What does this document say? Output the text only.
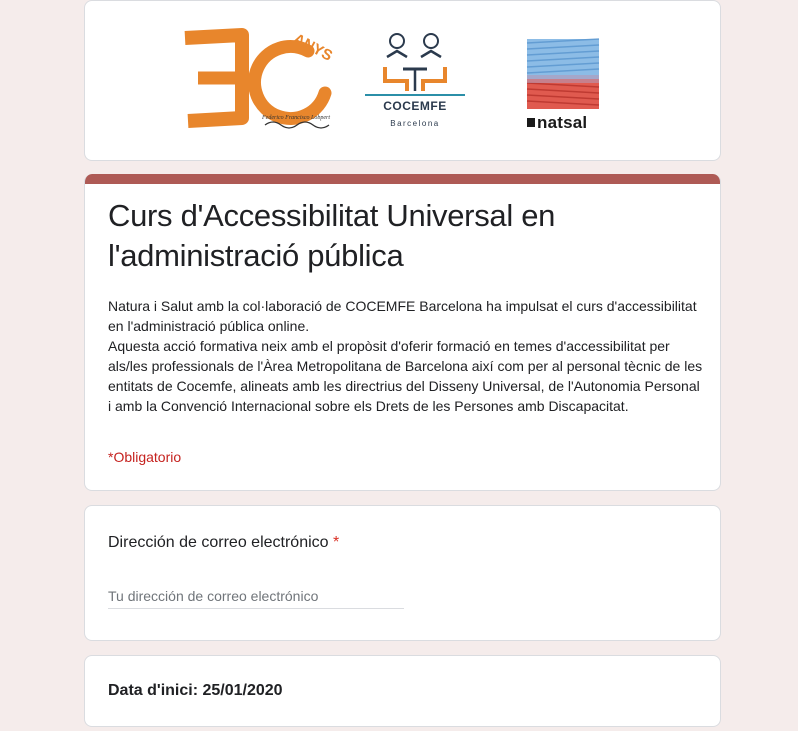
ANYS
Federico Francisco Lobpert
COCEMFE
Barcelona	natsal
Curs d'Accessibilitat Universal en l'administració pública

Natura i Salut amb la col·laboració de COCEMFE Barcelona ha impulsat el curs d'accessibilitat en l'administració pública online.

Aquesta acció formativa neix amb el propòsit d'oferir formació en temes d'accessibilitat per als/les professionals de l'Àrea Metropolitana de Barcelona així com per al personal tècnic de les entitats de Cocemfe, alineats amb les directrius del Disseny Universal, de l'Autonomia Personal i amb la Convenció Internacional sobre els Drets de les Persones amb Discapacitat.

*Obligatorio
Dirección de correo electrónico *
Tu dirección de correo electrónico
Data d'inici: 25/01/2020
